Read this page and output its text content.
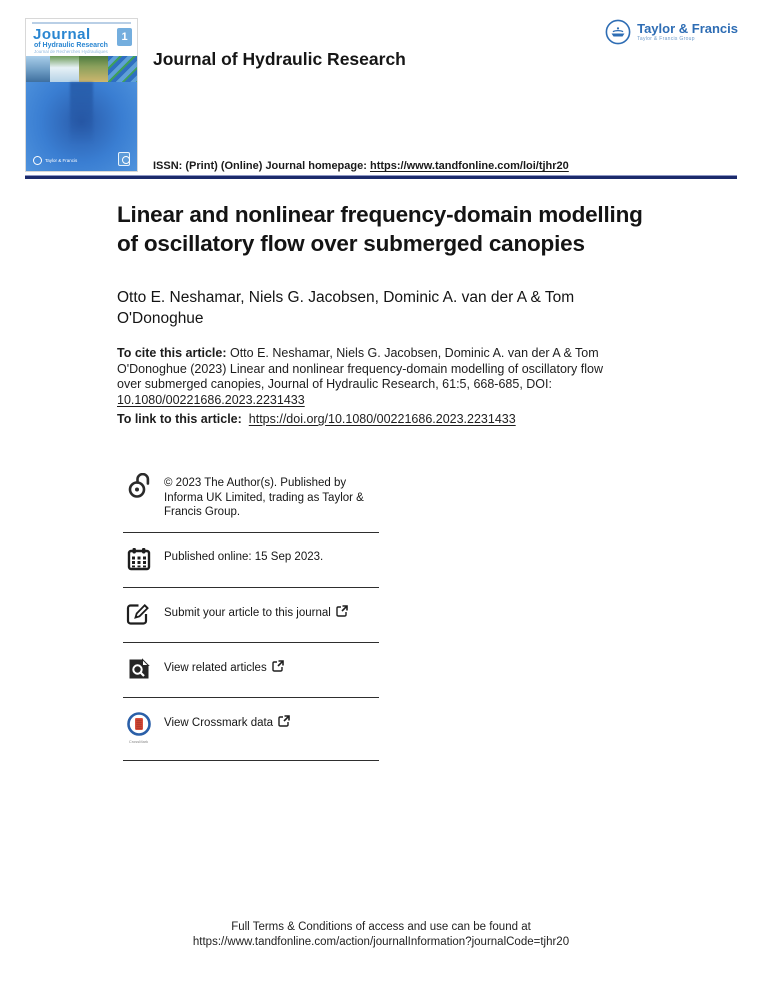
Journal
of Hydraulic Research
Journal de Recherches Hydrauliques
1
Taylor & Francis
Journal of Hydraulic Research
Taylor & Francis
Taylor & Francis Group
ISSN: (Print) (Online) Journal homepage: https://www.tandfonline.com/loi/tjhr20
Linear and nonlinear frequency-domain modelling of oscillatory flow over submerged canopies
Otto E. Neshamar, Niels G. Jacobsen, Dominic A. van der A & Tom O'Donoghue
To cite this article: Otto E. Neshamar, Niels G. Jacobsen, Dominic A. van der A & Tom O'Donoghue (2023) Linear and nonlinear frequency-domain modelling of oscillatory flow over submerged canopies, Journal of Hydraulic Research, 61:5, 668-685, DOI: 10.1080/00221686.2023.2231433
To link to this article: https://doi.org/10.1080/00221686.2023.2231433
© 2023 The Author(s). Published by Informa UK Limited, trading as Taylor & Francis Group.
Published online: 15 Sep 2023.
Submit your article to this journal
View related articles
CrossMark
View Crossmark data
Full Terms & Conditions of access and use can be found at
https://www.tandfonline.com/action/journalInformation?journalCode=tjhr20
